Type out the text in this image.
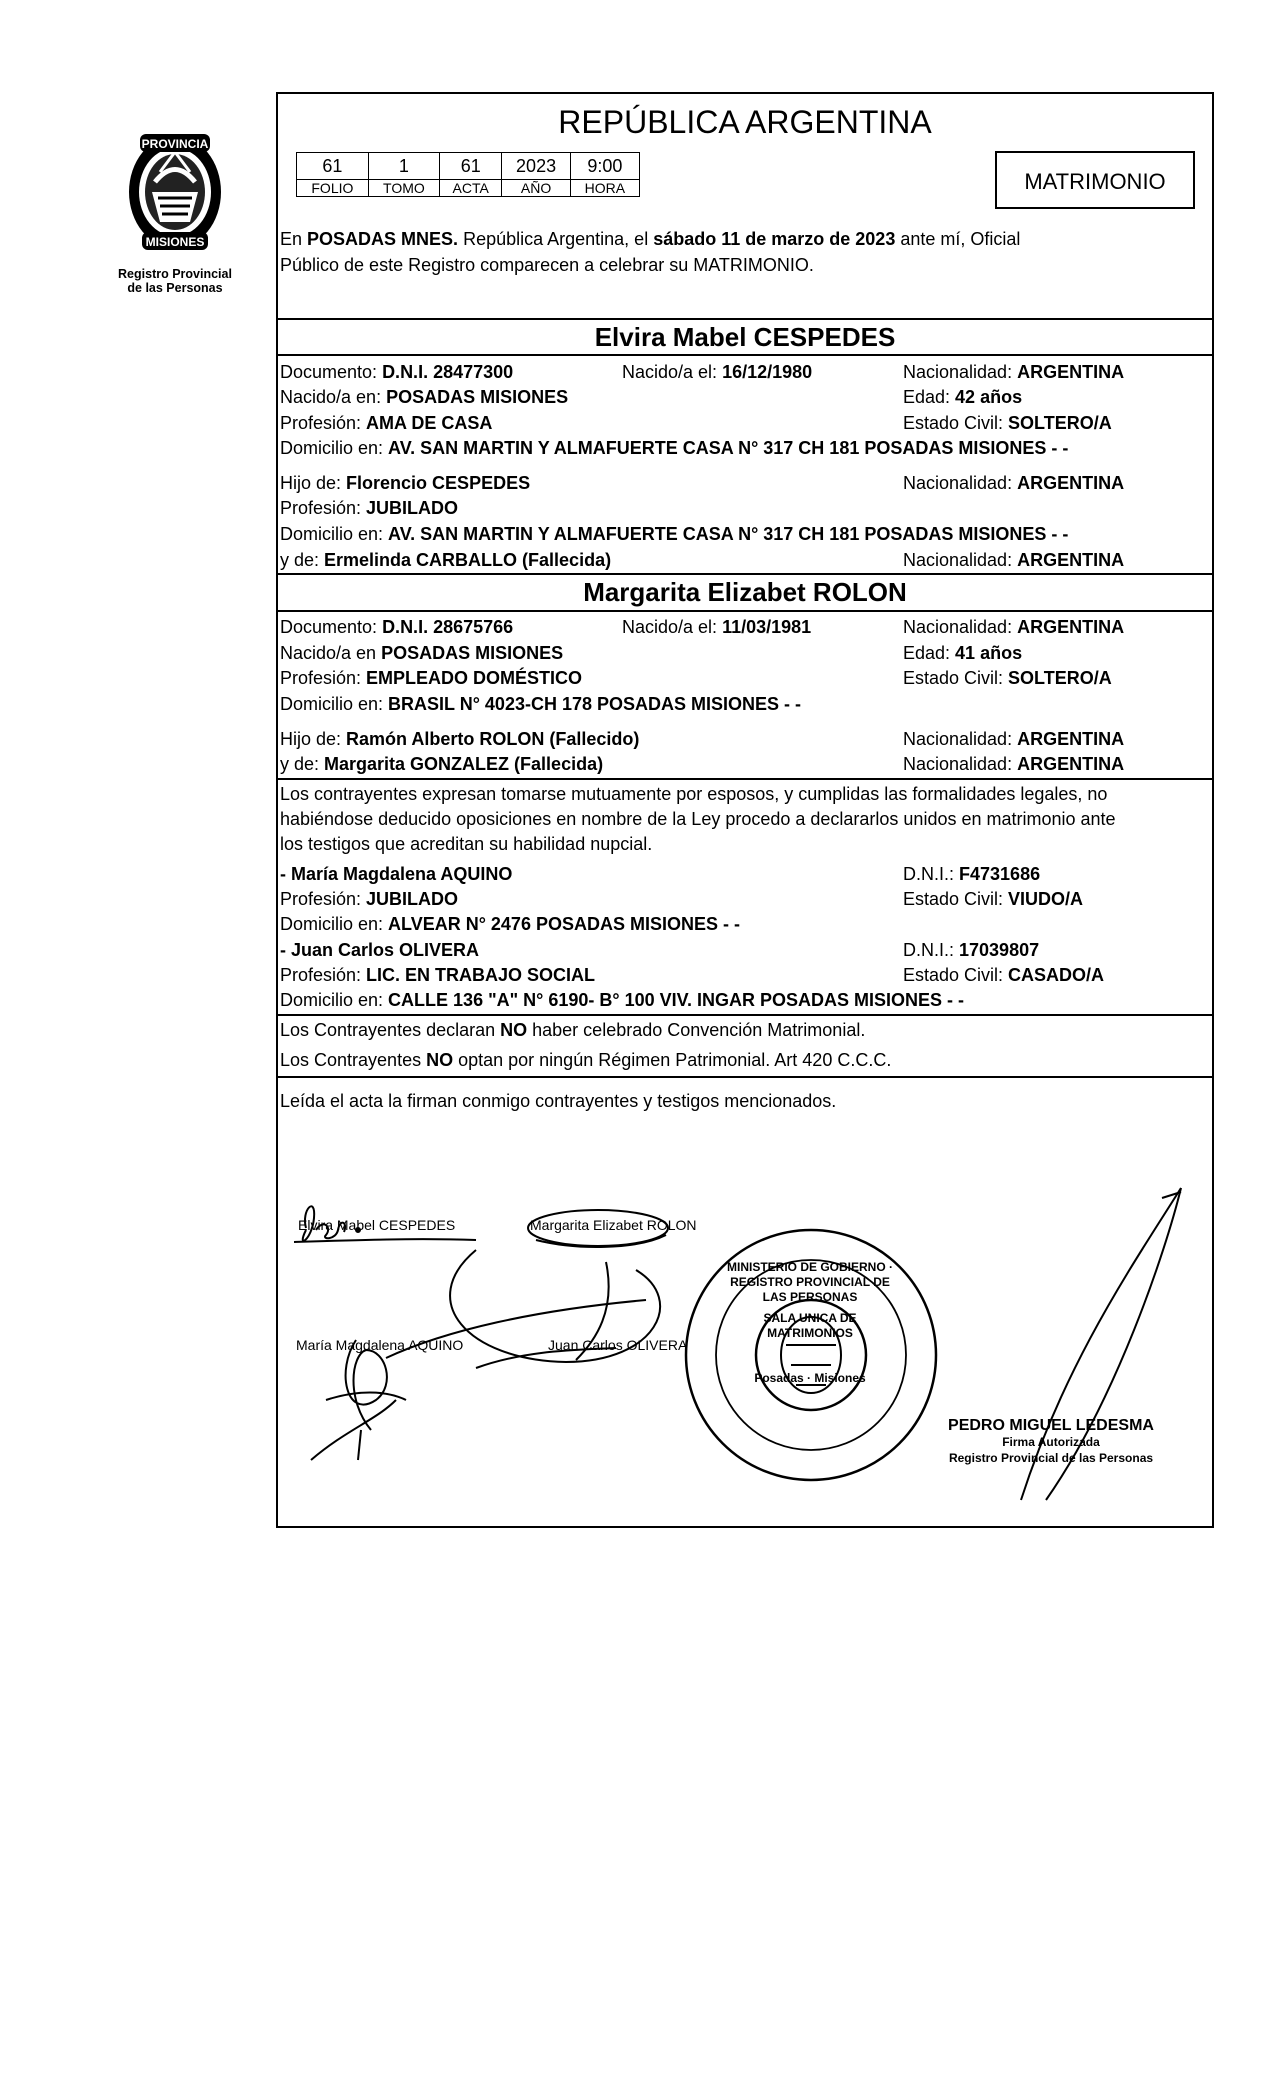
PROVINCIA
MISIONES
Registro Provincial
de las Personas
REPÚBLICA ARGENTINA
61	1	61	2023	9:00
FOLIO	TOMO	ACTA	AÑO	HORA	MATRIMONIO
En POSADAS MNES. República Argentina, el sábado 11 de marzo de 2023 ante mí, Oficial
Público de este Registro comparecen a celebrar su MATRIMONIO.
Elvira Mabel CESPEDES
Documento: D.N.I. 28477300	Nacido/a el: 16/12/1980	Nacionalidad: ARGENTINA
Nacido/a en: POSADAS MISIONES	Edad: 42 años
Profesión: AMA DE CASA	Estado Civil: SOLTERO/A
Domicilio en: AV. SAN MARTIN Y ALMAFUERTE CASA N° 317 CH 181 POSADAS MISIONES - -
Hijo de: Florencio CESPEDES	Nacionalidad: ARGENTINA
Profesión: JUBILADO
Domicilio en: AV. SAN MARTIN Y ALMAFUERTE CASA N° 317 CH 181 POSADAS MISIONES - -
y de: Ermelinda CARBALLO (Fallecida)	Nacionalidad: ARGENTINA
Margarita Elizabet ROLON
Documento: D.N.I. 28675766	Nacido/a el: 11/03/1981	Nacionalidad: ARGENTINA
Nacido/a en POSADAS MISIONES	Edad: 41 años
Profesión: EMPLEADO DOMÉSTICO	Estado Civil: SOLTERO/A
Domicilio en: BRASIL N° 4023-CH 178 POSADAS MISIONES - -
Hijo de: Ramón Alberto ROLON (Fallecido)	Nacionalidad: ARGENTINA
y de: Margarita GONZALEZ (Fallecida)	Nacionalidad: ARGENTINA
Los contrayentes expresan tomarse mutuamente por esposos, y cumplidas las formalidades legales, no
habiéndose deducido oposiciones en nombre de la Ley procedo a declararlos unidos en matrimonio ante
los testigos que acreditan su habilidad nupcial.
- María Magdalena AQUINO	D.N.I.: F4731686
Profesión: JUBILADO	Estado Civil: VIUDO/A
Domicilio en: ALVEAR N° 2476 POSADAS MISIONES - -
- Juan Carlos OLIVERA	D.N.I.: 17039807
Profesión: LIC. EN TRABAJO SOCIAL	Estado Civil: CASADO/A
Domicilio en: CALLE 136 "A" N° 6190- B° 100 VIV. INGAR POSADAS MISIONES - -
Los Contrayentes declaran NO haber celebrado Convención Matrimonial.
Los Contrayentes NO optan por ningún Régimen Patrimonial. Art 420 C.C.C.
Leída el acta la firman conmigo contrayentes y testigos mencionados.
Elvira Mabel CESPEDES	Margarita Elizabet ROLON
María Magdalena AQUINO	Juan Carlos OLIVERA
MINISTERIO DE GOBIERNO · REGISTRO PROVINCIAL DE LAS PERSONAS
SALA UNICA DE MATRIMONIOS
Posadas · Misiones
PEDRO MIGUEL LEDESMA
Firma Autorizada
Registro Provincial de las Personas
